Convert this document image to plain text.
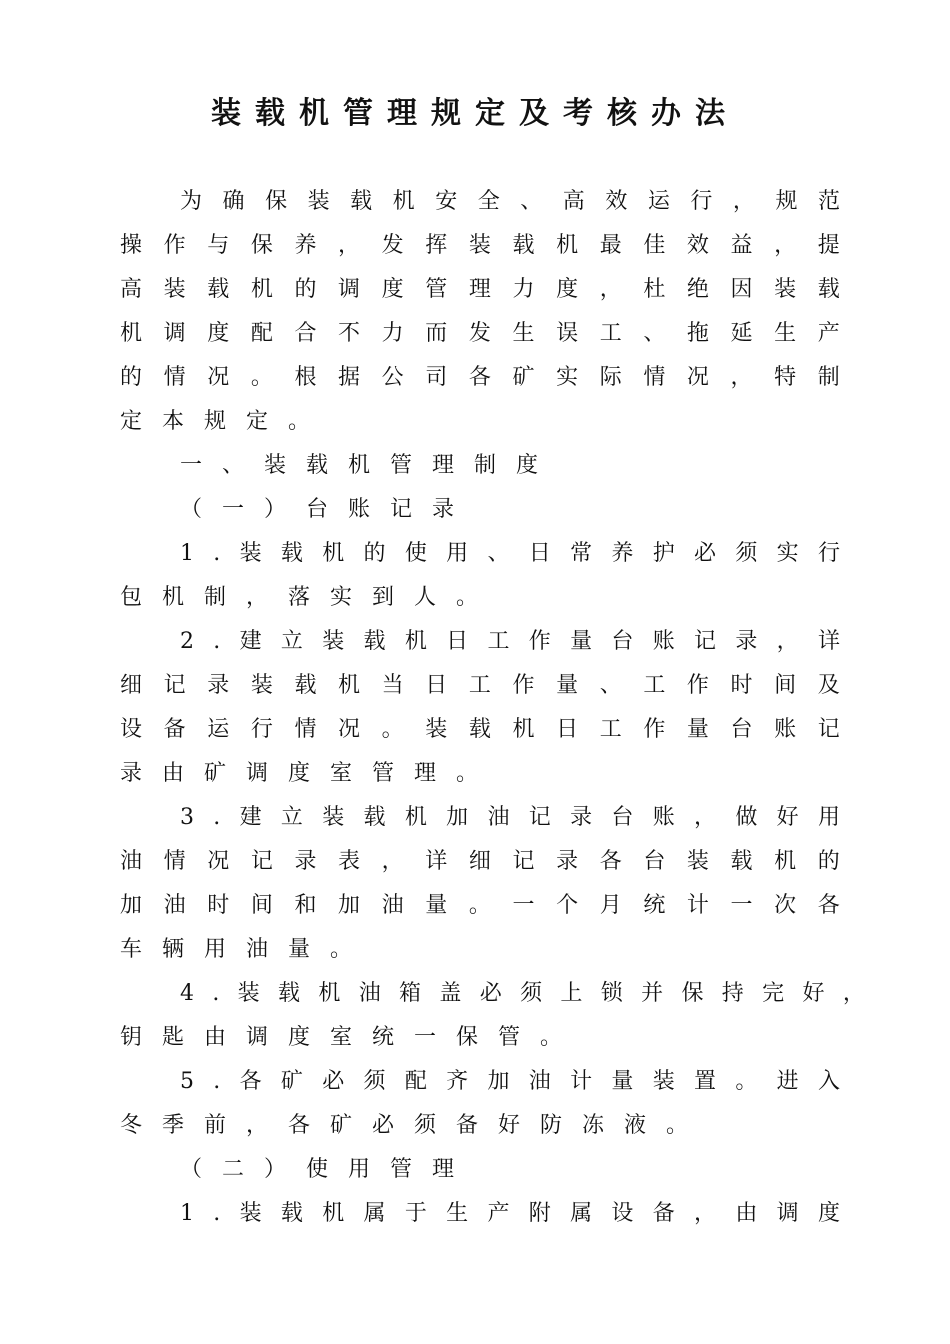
装载机管理规定及考核办法
为 确 保 装 载 机 安 全 、 高 效 运 行 ， 规 范
操 作 与 保 养 ， 发 挥 装 载 机 最 佳 效 益 ， 提
高 装 载 机 的 调 度 管 理 力 度 ， 杜 绝 因 装 载
机 调 度 配 合 不 力 而 发 生 误 工 、 拖 延 生 产
的 情 况 。 根 据 公 司 各 矿 实 际 情 况 ， 特 制
定本规定。
一、装载机管理制度
（一）台账记录
1 . 装 载 机 的 使 用 、 日 常 养 护 必 须 实 行
包机制，落实到人。
2 . 建 立 装 载 机 日 工 作 量 台 账 记 录 ， 详
细 记 录 装 载 机 当 日 工 作 量 、 工 作 时 间 及
设 备 运 行 情 况 。 装 载 机 日 工 作 量 台 账 记
录由矿调度室管理。
3 . 建 立 装 载 机 加 油 记 录 台 账 ， 做 好 用
油 情 况 记 录 表 ， 详 细 记 录 各 台 装 载 机 的
加 油 时 间 和 加 油 量 。 一 个 月 统 计 一 次 各
车辆用油量。
4 . 装 载 机 油 箱 盖 必 须 上 锁 并 保 持 完 好 ，
钥匙由调度室统一保管。
5 . 各 矿 必 须 配 齐 加 油 计 量 装 置 。 进 入
冬季前，各矿必须备好防冻液。
（二）使用管理
1 . 装 载 机 属 于 生 产 附 属 设 备 ， 由 调 度
